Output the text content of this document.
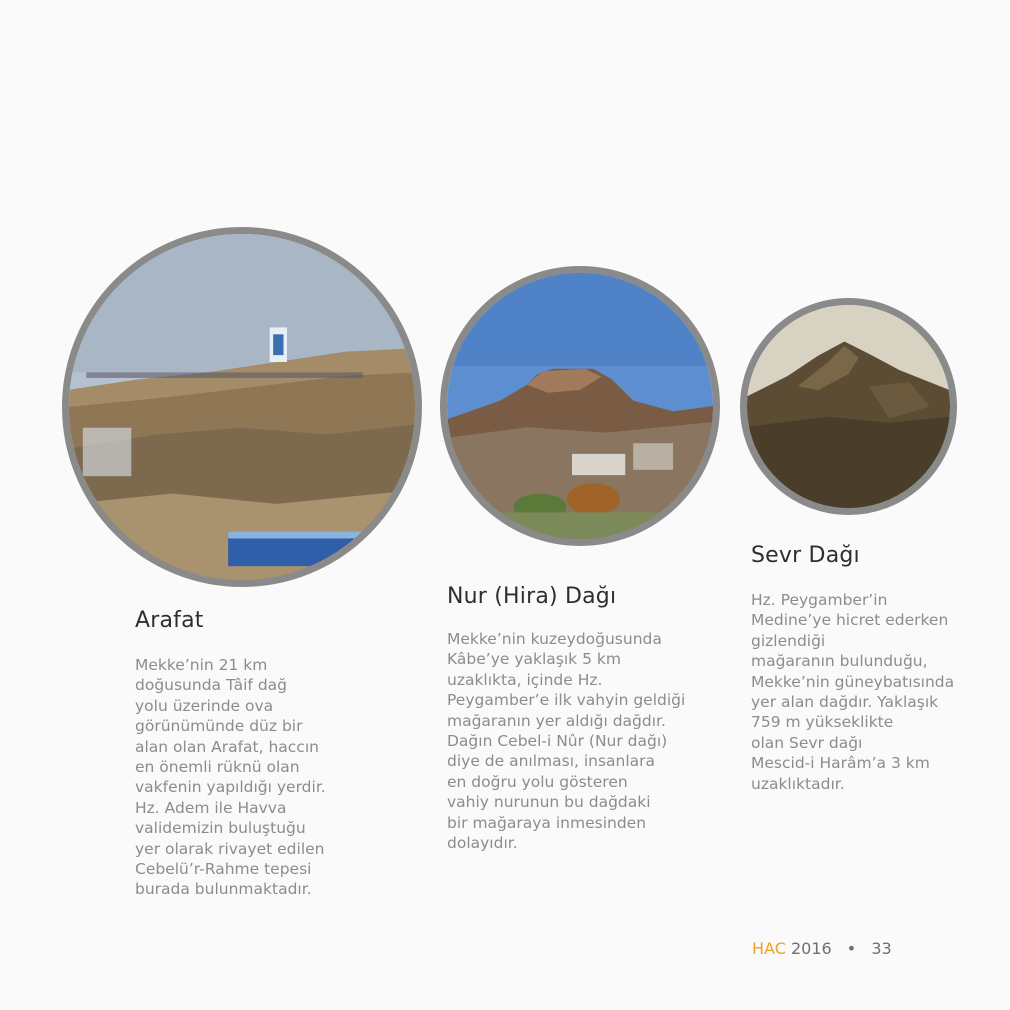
Arafat

Mekke’nin 21 km
doğusunda Tâif dağ
yolu üzerinde ova
görünümünde düz bir
alan olan Arafat, haccın
en önemli rüknü olan
vakfenin yapıldığı yerdir.
Hz. Adem ile Havva
validemizin buluştuğu
yer olarak rivayet edilen
Cebelü’r-Rahme tepesi
burada bulunmaktadır.

Nur (Hira) Dağı

Mekke’nin kuzeydoğusunda
Kâbe’ye yaklaşık 5 km
uzaklıkta, içinde Hz.
Peygamber’e ilk vahyin geldiği
mağaranın yer aldığı dağdır.
Dağın Cebel-i Nûr (Nur dağı)
diye de anılması, insanlara
en doğru yolu gösteren
vahiy nurunun bu dağdaki
bir mağaraya inmesinden
dolayıdır.

Sevr Dağı

Hz. Peygamber’in
Medine’ye hicret ederken
gizlendiği
mağaranın bulunduğu,
Mekke’nin güneybatısında
yer alan dağdır. Yaklaşık
759 m yükseklikte
olan Sevr dağı
Mescid-i Harâm’a 3 km
uzaklıktadır.

HAC 2016 • 33
